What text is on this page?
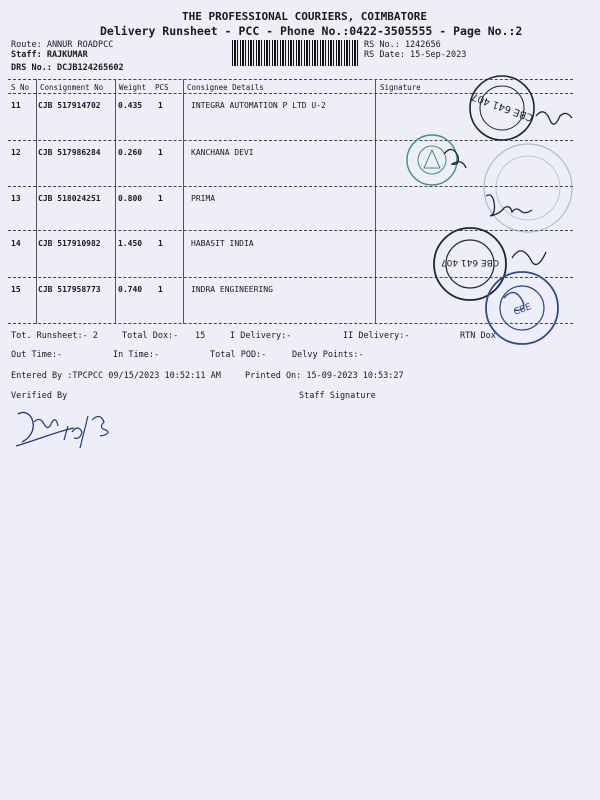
THE PROFESSIONAL COURIERS, COIMBATORE
Delivery Runsheet - PCC - Phone No.:0422-3505555 - Page No.:2
Route: ANNUR ROADPCC
Staff: RAJKUMAR
DRS No.: DCJB124265602
RS No.: 1242656
RS Date: 15-Sep-2023
S No Consignment No Weight PCS Consignee Details	Signature
11 CJB 517914702 0.435 1	INTEGRA AUTOMATION P LTD U-2
12 CJB 517986284 0.260 1	KANCHANA DEVI
13 CJB 518024251 0.800 1	PRIMA
14 CJB 517910982 1.450 1	HABASIT INDIA
15 CJB 517958773 0.740 1	INDRA ENGINEERING
Tot. Runsheet:- 2	Total Dox:- 15	I Delivery:-	II Delivery:-	RTN Dox
Out Time:-	In Time:-	Total POD:-	Delvy Points:-
Entered By :TPCPCC 09/15/2023 10:52:11 AM	Printed On: 15-09-2023 10:53:27
Verified By	Staff Signature
CBE 641 407
CBE 641 407
CBE
